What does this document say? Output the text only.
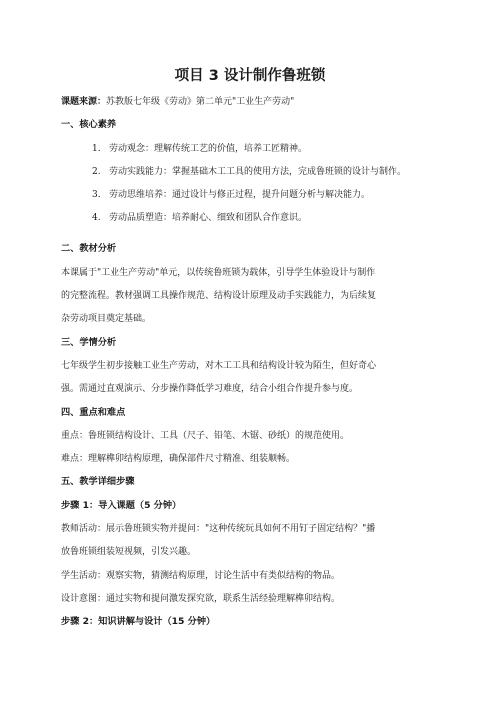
项目 3 设计制作鲁班锁
课题来源：苏教版七年级《劳动》第二单元"工业生产劳动"
一、核心素养
1. 劳动观念：理解传统工艺的价值，培养工匠精神。
2. 劳动实践能力：掌握基础木工工具的使用方法，完成鲁班锁的设计与制作。
3. 劳动思维培养：通过设计与修正过程，提升问题分析与解决能力。
4. 劳动品质塑造：培养耐心、细致和团队合作意识。
二、教材分析
本课属于"工业生产劳动"单元，以传统鲁班锁为载体，引导学生体验设计与制作
的完整流程。教材强调工具操作规范、结构设计原理及动手实践能力，为后续复
杂劳动项目奠定基础。
三、学情分析
七年级学生初步接触工业生产劳动，对木工工具和结构设计较为陌生，但好奇心
强。需通过直观演示、分步操作降低学习难度，结合小组合作提升参与度。
四、重点和难点
重点：鲁班锁结构设计、工具（尺子、铅笔、木锯、砂纸）的规范使用。
难点：理解榫卯结构原理，确保部件尺寸精准、组装顺畅。
五、教学详细步骤
步骤 1：导入课题（5 分钟）
教师活动：展示鲁班锁实物并提问："这种传统玩具如何不用钉子固定结构？"播
放鲁班锁组装短视频，引发兴趣。
学生活动：观察实物，猜测结构原理，讨论生活中有类似结构的物品。
设计意图：通过实物和提问激发探究欲，联系生活经验理解榫卯结构。
步骤 2：知识讲解与设计（15 分钟）
